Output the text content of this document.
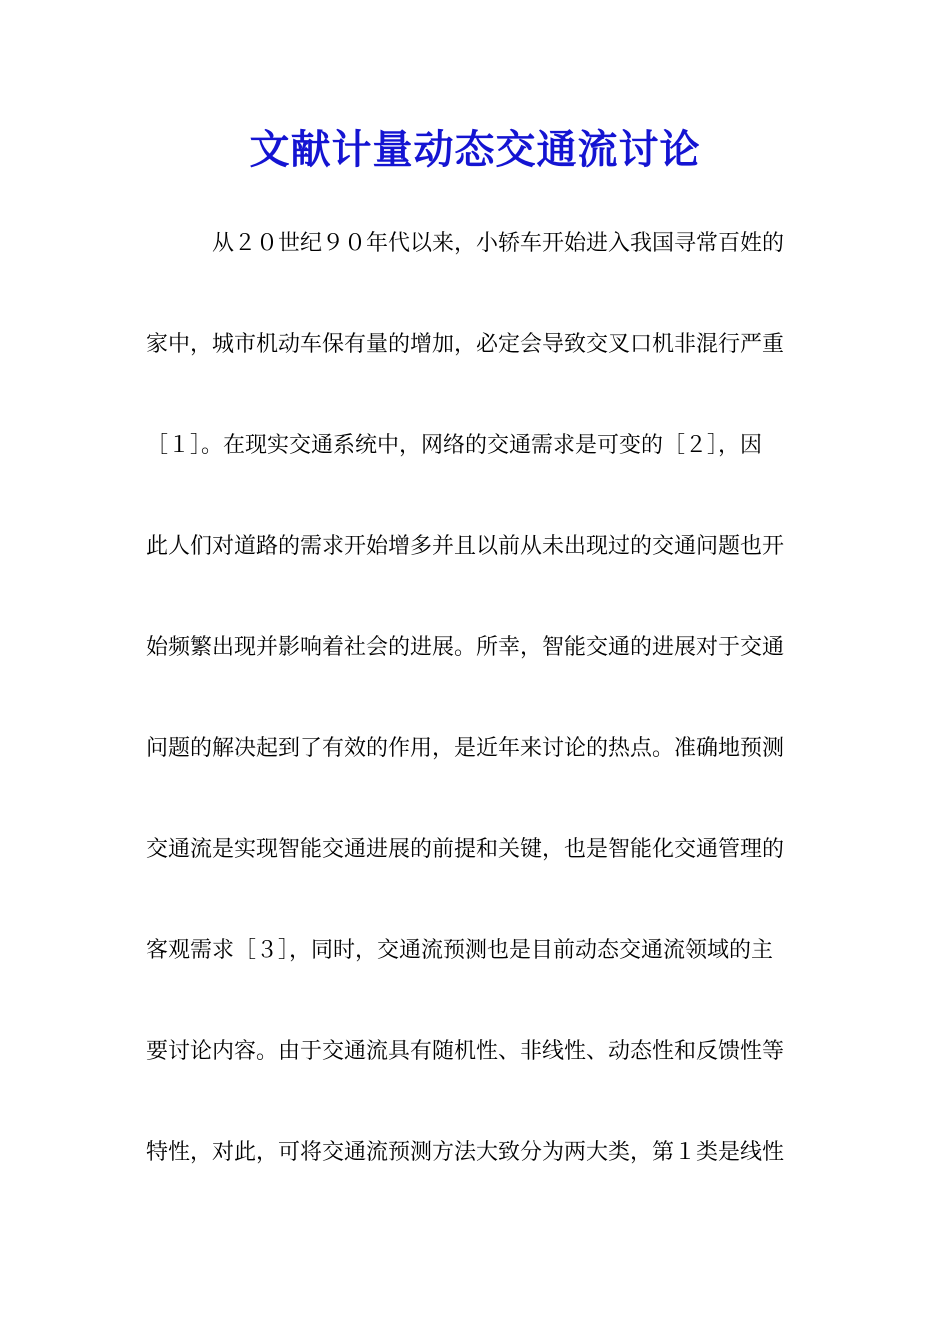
文献计量动态交通流讨论
从２０世纪９０年代以来，小轿车开始进入我国寻常百姓的
家中，城市机动车保有量的增加，必定会导致交叉口机非混行严重
［１］。在现实交通系统中，网络的交通需求是可变的［２］，因
此人们对道路的需求开始增多并且以前从未出现过的交通问题也开
始频繁出现并影响着社会的进展。所幸，智能交通的进展对于交通
问题的解决起到了有效的作用，是近年来讨论的热点。准确地预测
交通流是实现智能交通进展的前提和关键，也是智能化交通管理的
客观需求［３］，同时，交通流预测也是目前动态交通流领域的主
要讨论内容。由于交通流具有随机性、非线性、动态性和反馈性等
特性，对此，可将交通流预测方法大致分为两大类，第１类是线性
